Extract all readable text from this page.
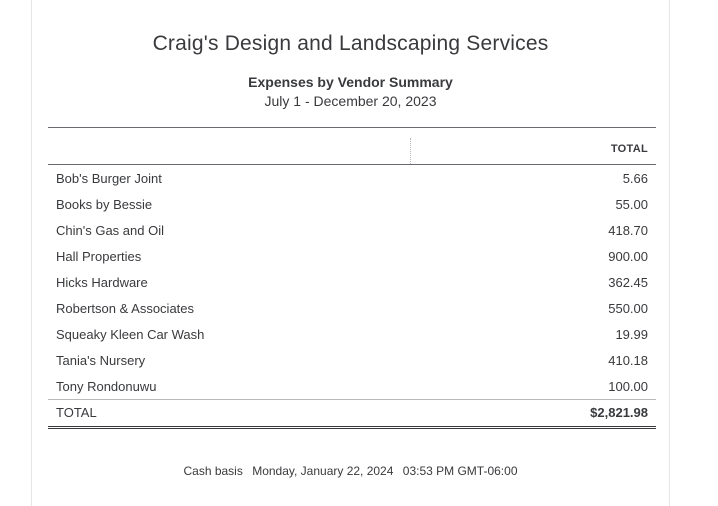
Craig's Design and Landscaping Services
Expenses by Vendor Summary
July 1 - December 20, 2023
TOTAL
Bob's Burger Joint	5.66
Books by Bessie	55.00
Chin's Gas and Oil	418.70
Hall Properties	900.00
Hicks Hardware	362.45
Robertson & Associates	550.00
Squeaky Kleen Car Wash	19.99
Tania's Nursery	410.18
Tony Rondonuwu	100.00
TOTAL	$2,821.98
Cash basis Monday, January 22, 2024 03:53 PM GMT-06:00
